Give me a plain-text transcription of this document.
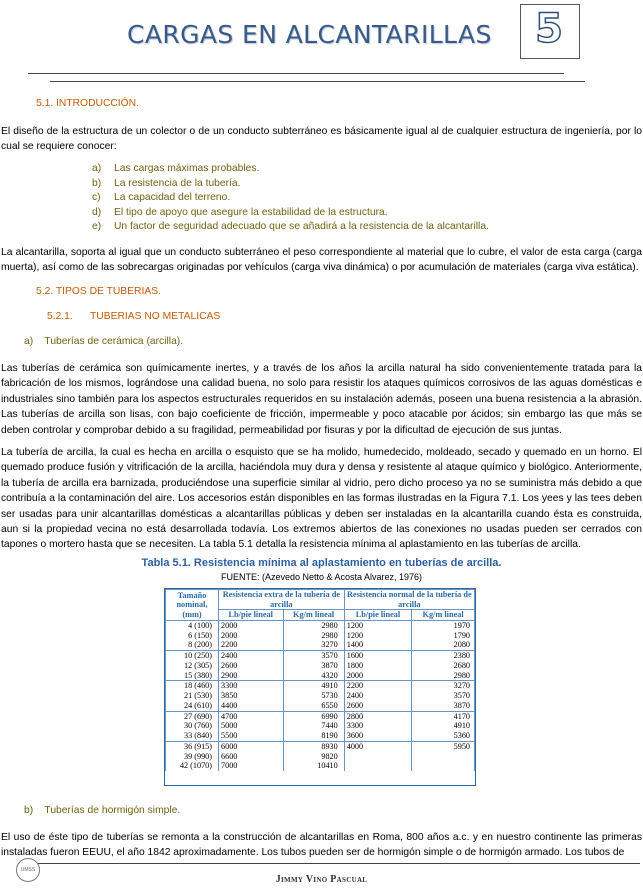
CARGAS EN ALCANTARILLAS	5
5.1. INTRODUCCIÓN.

El diseño de la estructura de un colector o de un conducto subterráneo es básicamente igual al de cualquier estructura de ingeniería, por lo cual se requiere conocer:

a) Las cargas máximas probables.
b) La resistencia de la tubería.
c) La capacidad del terreno.
d) El tipo de apoyo que asegure la estabilidad de la estructura.
e) Un factor de seguridad adecuado que se añadirá a la resistencia de la alcantarilla.

La alcantarilla, soporta al igual que un conducto subterráneo el peso correspondiente al material que lo cubre, el valor de esta carga (carga muerta), así como de las sobrecargas originadas por vehículos (carga viva dinámica) o por acumulación de materiales (carga viva estática).

5.2. TIPOS DE TUBERIAS.
5.2.1. TUBERIAS NO METALICAS
a)    Tuberías de cerámica (arcilla).

Las tuberías de cerámica son químicamente inertes, y a través de los años la arcilla natural ha sido convenientemente tratada para la fabricación de los mismos, lográndose una calidad buena, no solo para resistir los ataques químicos corrosivos de las aguas domésticas e industriales sino también para los aspectos estructurales requeridos en su instalación además, poseen una buena resistencia a la abrasión. Las tuberías de arcilla son lisas, con bajo coeficiente de fricción, impermeable y poco atacable por ácidos; sin embargo las que más se deben controlar y comprobar debido a su fragilidad, permeabilidad por fisuras y por la dificultad de ejecución de sus juntas.

La tubería de arcilla, la cual es hecha en arcilla o esquisto que se ha molido, humedecido, moldeado, secado y quemado en un horno. El quemado produce fusión y vitrificación de la arcilla, haciéndola muy dura y densa y resistente al ataque químico y biológico. Anteriormente, la tubería de arcilla era barnizada, produciéndose una superficie similar al vidrio, pero dicho proceso ya no se suministra más debido a que contribuía a la contaminación del aire. Los accesorios están disponibles en las formas ilustradas en la Figura 7.1. Los yees y las tees deben ser usadas para unir alcantarillas domésticas a alcantarillas públicas y deben ser instaladas en la alcantarilla cuando ésta es construida, aun si la propiedad vecina no está desarrollada todavía. Los extremos abiertos de las conexiones no usadas pueden ser cerrados con tapones o mortero hasta que se necesiten. La tabla 5.1 detalla la resistencia mínima al aplastamiento en las tuberías de arcilla.

Tabla 5.1. Resistencia mínima al aplastamiento en tuberías de arcilla.
FUENTE: (Azevedo Netto & Acosta Alvarez, 1976)
Tamaño nominal, (mm)	Resistencia extra de la tubería de arcilla		Resistencia normal de la tubería de arcilla	
	Lb/pie lineal	Kg/m lineal	Lb/pie lineal	Kg/m lineal
4 (100)	2000	2980	1200	1970
6 (150)	2000	2980	1200	1790
8 (200)	2200	3270	1400	2080
10 (250)	2400	3570	1600	2380
12 (305)	2600	3870	1800	2680
15 (380)	2900	4320	2000	2980
18 (460)	3300	4910	2200	3270
21 (530)	3850	5730	2400	3570
24 (610)	4400	6550	2600	3870
27 (690)	4700	6990	2800	4170
30 (760)	5000	7440	3300	4910
33 (840)	5500	8190	3600	5360
36 (915)	6000	8930	4000	5950
39 (990)	6600	9820		
42 (1070)	7000	10410		
b)    Tuberías de hormigón simple.

El uso de éste tipo de tuberías se remonta a la construcción de alcantarillas en Roma, 800 años a.c. y en nuestro continente las primeras instaladas fueron EEUU, el año 1842 aproximadamente. Los tubos pueden ser de hormigón simple o de hormigón armado. Los tubos de

UMSS
Jimmy Vino Pascual
